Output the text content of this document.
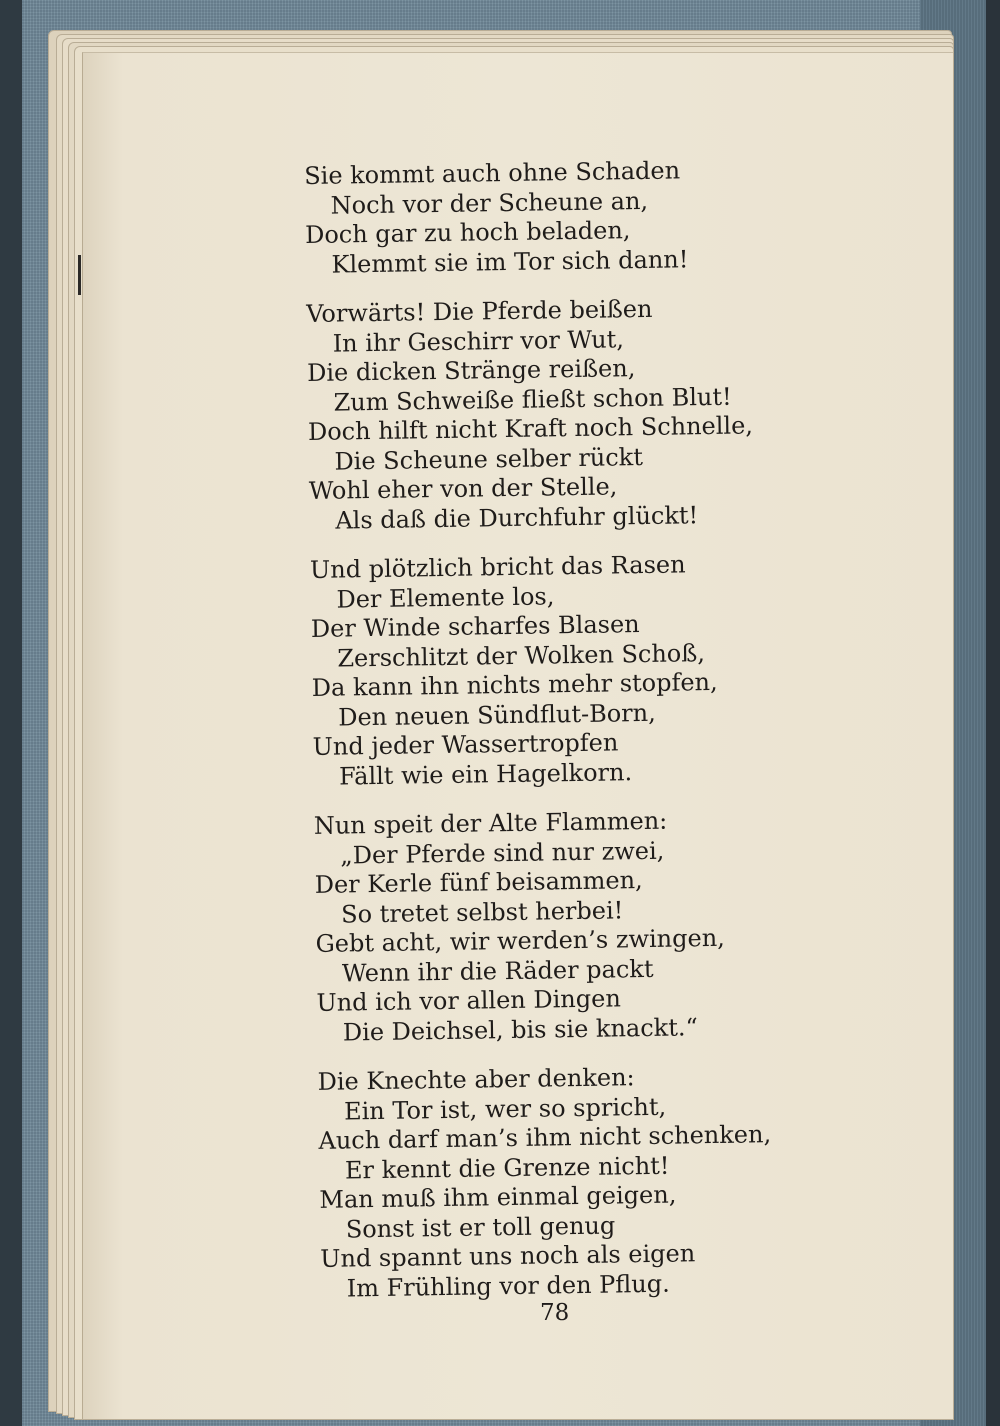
Sie kommt auch ohne Schaden
Noch vor der Scheune an,
Doch gar zu hoch beladen,
Klemmt sie im Tor sich dann!
Vorwärts! Die Pferde beißen
In ihr Geschirr vor Wut,
Die dicken Stränge reißen,
Zum Schweiße fließt schon Blut!
Doch hilft nicht Kraft noch Schnelle,
Die Scheune selber rückt
Wohl eher von der Stelle,
Als daß die Durchfuhr glückt!
Und plötzlich bricht das Rasen
Der Elemente los,
Der Winde scharfes Blasen
Zerschlitzt der Wolken Schoß,
Da kann ihn nichts mehr stopfen,
Den neuen Sündflut-Born,
Und jeder Wassertropfen
Fällt wie ein Hagelkorn.
Nun speit der Alte Flammen:
„Der Pferde sind nur zwei,
Der Kerle fünf beisammen,
So tretet selbst herbei!
Gebt acht, wir werden’s zwingen,
Wenn ihr die Räder packt
Und ich vor allen Dingen
Die Deichsel, bis sie knackt.“
Die Knechte aber denken:
Ein Tor ist, wer so spricht,
Auch darf man’s ihm nicht schenken,
Er kennt die Grenze nicht!
Man muß ihm einmal geigen,
Sonst ist er toll genug
Und spannt uns noch als eigen
Im Frühling vor den Pflug.
78
